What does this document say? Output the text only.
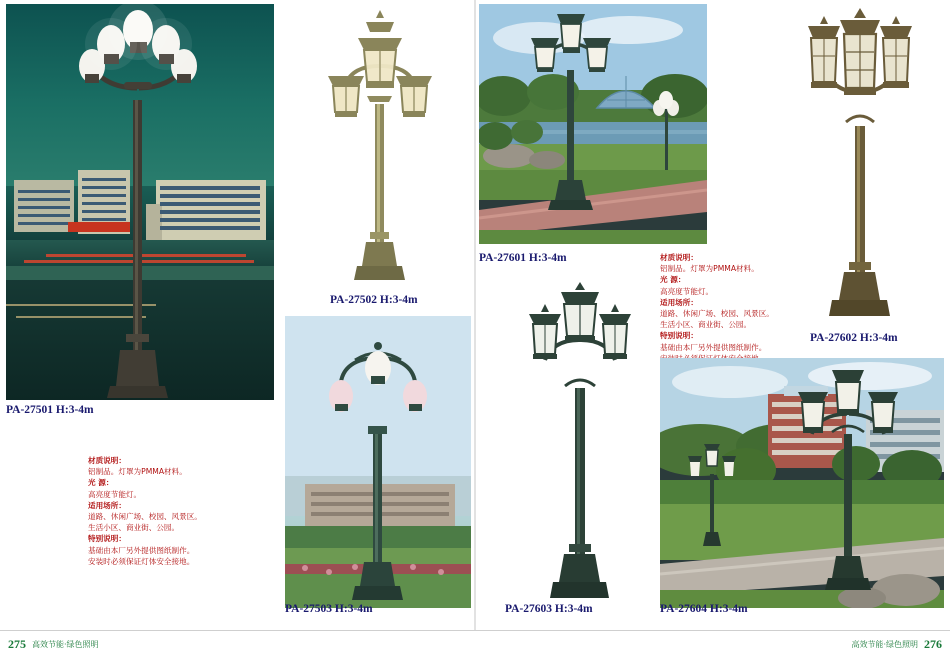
PA-27501 H:3-4m
材质说明：
铝制品。灯罩为PMMA材料。
光 源：
高亮度节能灯。
适用场所：
道路、休闲广场、校园、风景区。
生活小区、商业街、公园。
特别说明：
基础由本厂另外提供图纸制作。
安装时必须保证灯体安全接地。
PA-27502 H:3-4m
PA-27503 H:3-4m
PA-27601 H:3-4m	材质说明：
铝制品。灯罩为PMMA材料。
光 源：
高亮度节能灯。
适用场所：
道路、休闲广场、校园、风景区。
生活小区、商业街、公园。
特别说明：
基础由本厂另外提供图纸制作。
PA-27602 H:3-4m
PA-27603 H:3-4m	PA-27604 H:3-4m
275 高效节能·绿色照明	276
高效节能·绿色照明
